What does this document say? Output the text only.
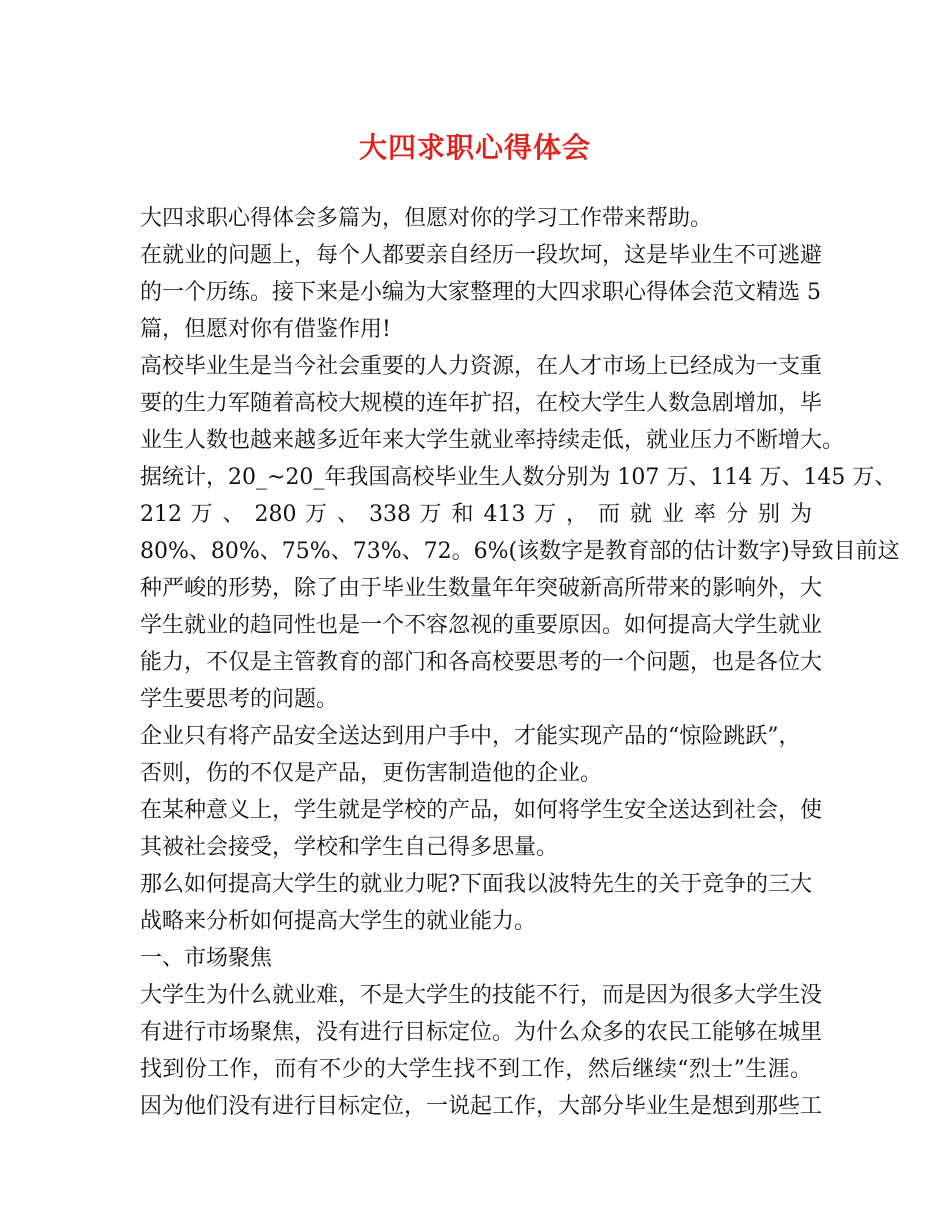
大四求职心得体会
大四求职心得体会多篇为，但愿对你的学习工作带来帮助。
在就业的问题上，每个人都要亲自经历一段坎坷，这是毕业生不可逃避
的一个历练。接下来是小编为大家整理的大四求职心得体会范文精选 5
篇，但愿对你有借鉴作用!
高校毕业生是当今社会重要的人力资源，在人才市场上已经成为一支重
要的生力军随着高校大规模的连年扩招，在校大学生人数急剧增加，毕
业生人数也越来越多近年来大学生就业率持续走低，就业压力不断增大。
据统计，20_~20_年我国高校毕业生人数分别为 107 万、114 万、145 万、
212 万 、 280 万 、 338 万 和 413 万 ， 而 就 业 率 分 别 为
80%、80%、75%、73%、72。6%(该数字是教育部的估计数字)导致目前这
种严峻的形势，除了由于毕业生数量年年突破新高所带来的影响外，大
学生就业的趋同性也是一个不容忽视的重要原因。如何提高大学生就业
能力，不仅是主管教育的部门和各高校要思考的一个问题，也是各位大
学生要思考的问题。
企业只有将产品安全送达到用户手中，才能实现产品的“惊险跳跃”，
否则，伤的不仅是产品，更伤害制造他的企业。
在某种意义上，学生就是学校的产品，如何将学生安全送达到社会，使
其被社会接受，学校和学生自己得多思量。
那么如何提高大学生的就业力呢?下面我以波特先生的关于竞争的三大
战略来分析如何提高大学生的就业能力。
一、市场聚焦
大学生为什么就业难，不是大学生的技能不行，而是因为很多大学生没
有进行市场聚焦，没有进行目标定位。为什么众多的农民工能够在城里
找到份工作，而有不少的大学生找不到工作，然后继续“烈士”生涯。
因为他们没有进行目标定位，一说起工作，大部分毕业生是想到那些工
